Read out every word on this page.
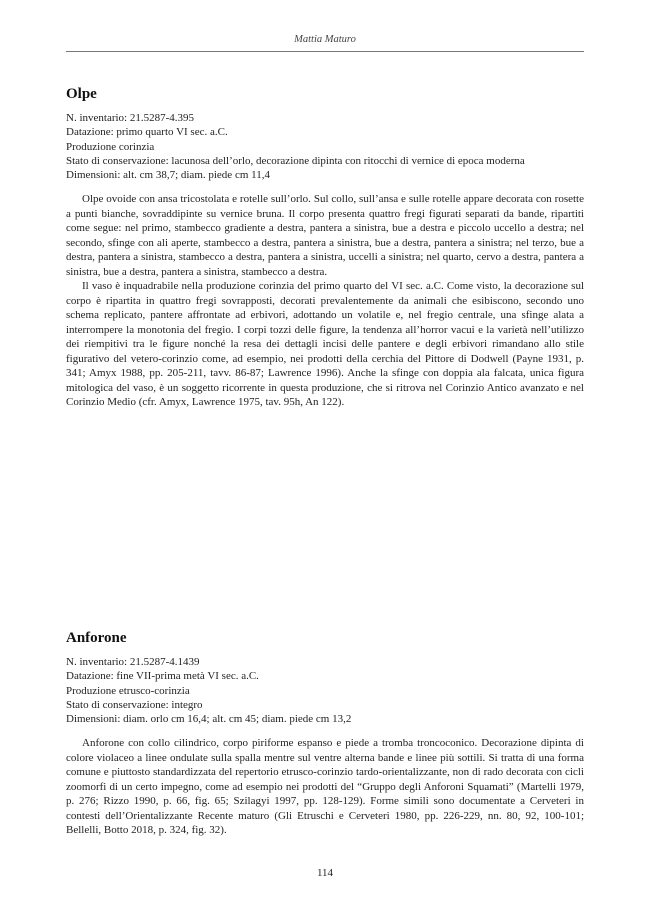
Mattia Maturo
Olpe

N. inventario: 21.5287-4.395

Datazione: primo quarto VI sec. a.C.

Produzione corinzia

Stato di conservazione: lacunosa dell’orlo, decorazione dipinta con ritocchi di vernice di epoca moderna

Dimensioni: alt. cm 38,7; diam. piede cm 11,4

Olpe ovoide con ansa tricostolata e rotelle sull’orlo. Sul collo, sull’ansa e sulle rotelle appare decorata con rosette a punti bianche, sovraddipinte su vernice bruna. Il corpo presenta quattro fregi figurati separati da bande, ripartiti come segue: nel primo, stambecco gradiente a destra, pantera a sinistra, bue a destra e piccolo uccello a destra; nel secondo, sfinge con ali aperte, stambecco a destra, pantera a sinistra, bue a destra, pantera a sinistra; nel terzo, bue a destra, pantera a sinistra, stambecco a destra, pantera a sinistra, uccelli a sinistra; nel quarto, cervo a destra, pantera a sinistra, bue a destra, pantera a sinistra, stambecco a destra.

Il vaso è inquadrabile nella produzione corinzia del primo quarto del VI sec. a.C. Come visto, la decorazione sul corpo è ripartita in quattro fregi sovrapposti, decorati prevalentemente da animali che esibiscono, secondo uno schema replicato, pantere affrontate ad erbivori, adottando un volatile e, nel fregio centrale, una sfinge alata a interrompere la monotonia del fregio. I corpi tozzi delle figure, la tendenza all’horror vacui e la varietà nell’utilizzo dei riempitivi tra le figure nonché la resa dei dettagli incisi delle pantere e degli erbivori rimandano allo stile figurativo del vetero-corinzio come, ad esempio, nei prodotti della cerchia del Pittore di Dodwell (Payne 1931, p. 341; Amyx 1988, pp. 205-211, tavv. 86-87; Lawrence 1996). Anche la sfinge con doppia ala falcata, unica figura mitologica del vaso, è un soggetto ricorrente in questa produzione, che si ritrova nel Corinzio Antico avanzato e nel Corinzio Medio (cfr. Amyx, Lawrence 1975, tav. 95h, An 122).

Anforone

N. inventario: 21.5287-4.1439

Datazione: fine VII-prima metà VI sec. a.C.

Produzione etrusco-corinzia

Stato di conservazione: integro

Dimensioni: diam. orlo cm 16,4; alt. cm 45; diam. piede cm 13,2

Anforone con collo cilindrico, corpo piriforme espanso e piede a tromba troncoconico. Decorazione dipinta di colore violaceo a linee ondulate sulla spalla mentre sul ventre alterna bande e linee più sottili. Si tratta di una forma comune e piuttosto standardizzata del repertorio etrusco-corinzio tardo-orientalizzante, non di rado decorata con cicli zoomorfi di un certo impegno, come ad esempio nei prodotti del “Gruppo degli Anforoni Squamati” (Martelli 1979, p. 276; Rizzo 1990, p. 66, fig. 65; Szilagyi 1997, pp. 128-129). Forme simili sono documentate a Cerveteri in contesti dell’Orientalizzante Recente maturo (Gli Etruschi e Cerveteri 1980, pp. 226-229, nn. 80, 92, 100-101; Bellelli, Botto 2018, p. 324, fig. 32).

114
